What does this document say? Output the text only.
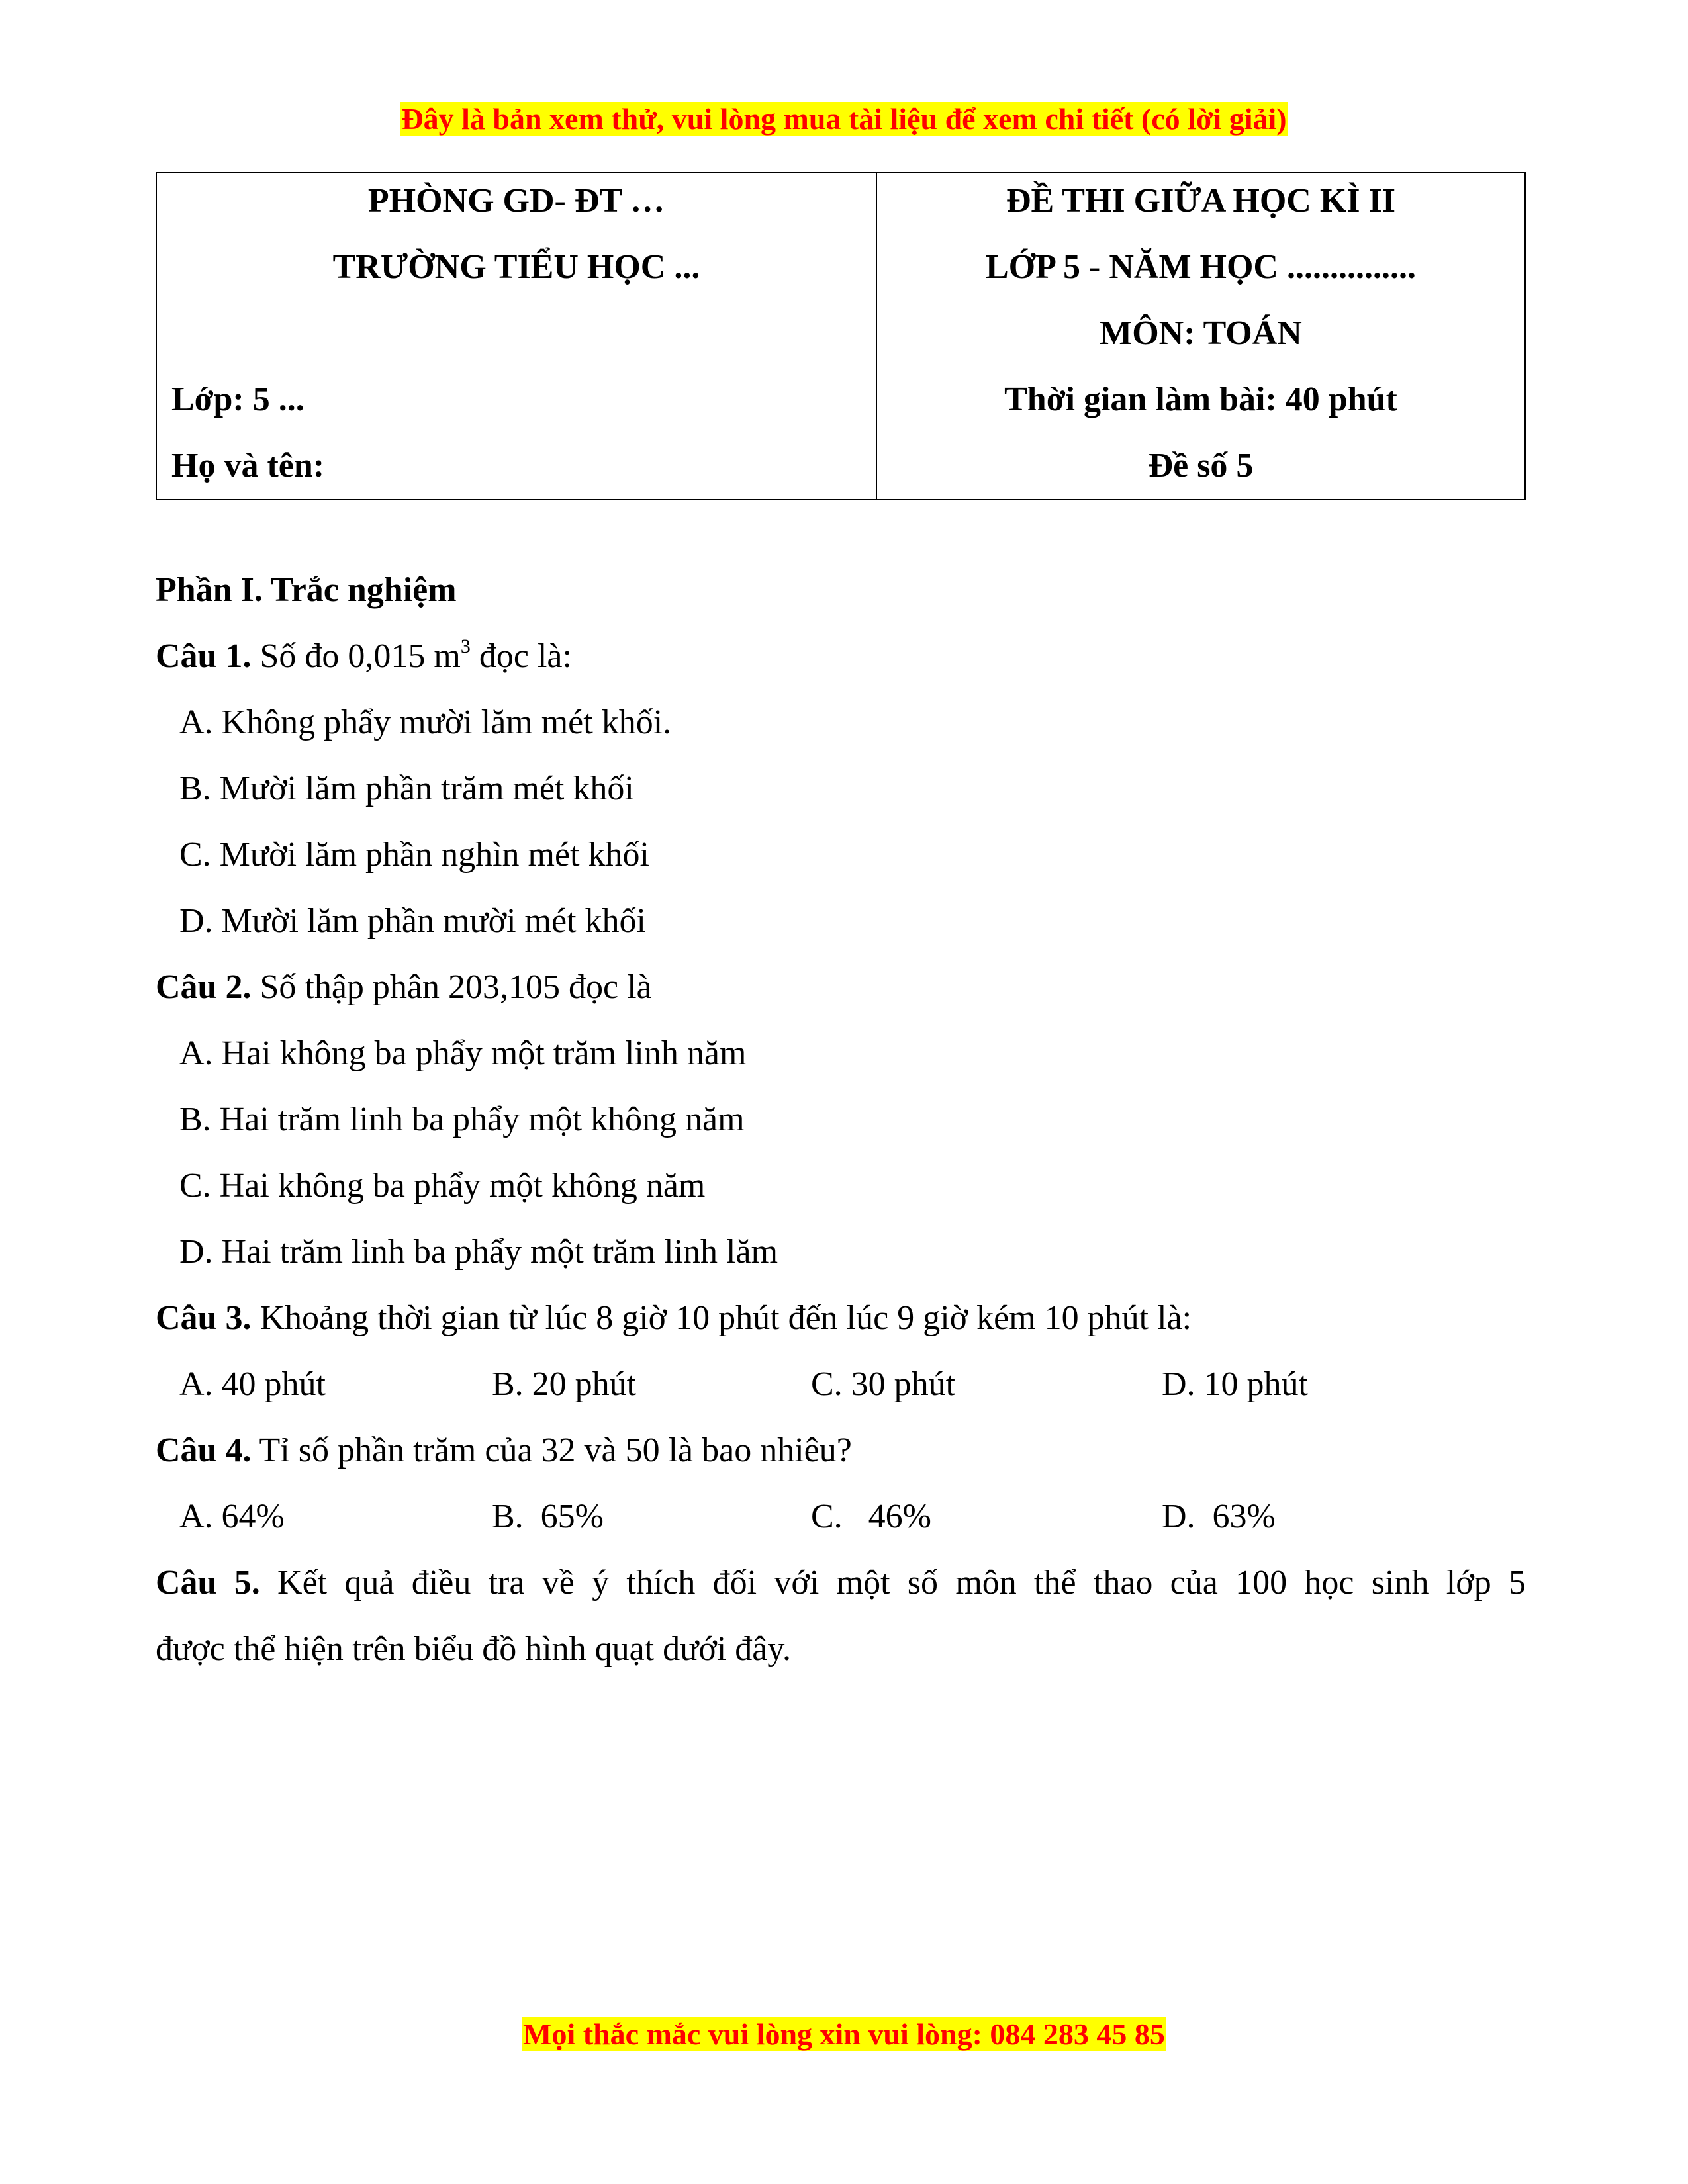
Đây là bản xem thử, vui lòng mua tài liệu để xem chi tiết (có lời giải)
PHÒNG GD- ĐT …
TRƯỜNG TIỂU HỌC ...
Lớp: 5 ...
Họ và tên:
ĐỀ THI GIỮA HỌC KÌ II
LỚP 5 - NĂM HỌC ...............
MÔN: TOÁN
Thời gian làm bài: 40 phút
Đề số 5
Phần I. Trắc nghiệm
Câu 1. Số đo 0,015 $m^3$ đọc là:
A. Không phẩy mười lăm mét khối.
B. Mười lăm phần trăm mét khối
C. Mười lăm phần nghìn mét khối
D. Mười lăm phần mười mét khối
Câu 2. Số thập phân 203,105 đọc là
A. Hai không ba phẩy một trăm linh năm
B. Hai trăm linh ba phẩy một không năm
C. Hai không ba phẩy một không năm
D. Hai trăm linh ba phẩy một trăm linh lăm
Câu 3. Khoảng thời gian từ lúc 8 giờ 10 phút đến lúc 9 giờ kém 10 phút là:
A. 40 phút	B. 20 phút	C. 30 phút	D. 10 phút
Câu 4. Tỉ số phần trăm của 32 và 50 là bao nhiêu?
A. 64%	B.  65%	C.   46%	D.  63%
Câu 5. Kết quả điều tra về ý thích đối với một số môn thể thao của 100 học sinh lớp 5
được thể hiện trên biểu đồ hình quạt dưới đây.
Mọi thắc mắc vui lòng xin vui lòng: 084 283 45 85
